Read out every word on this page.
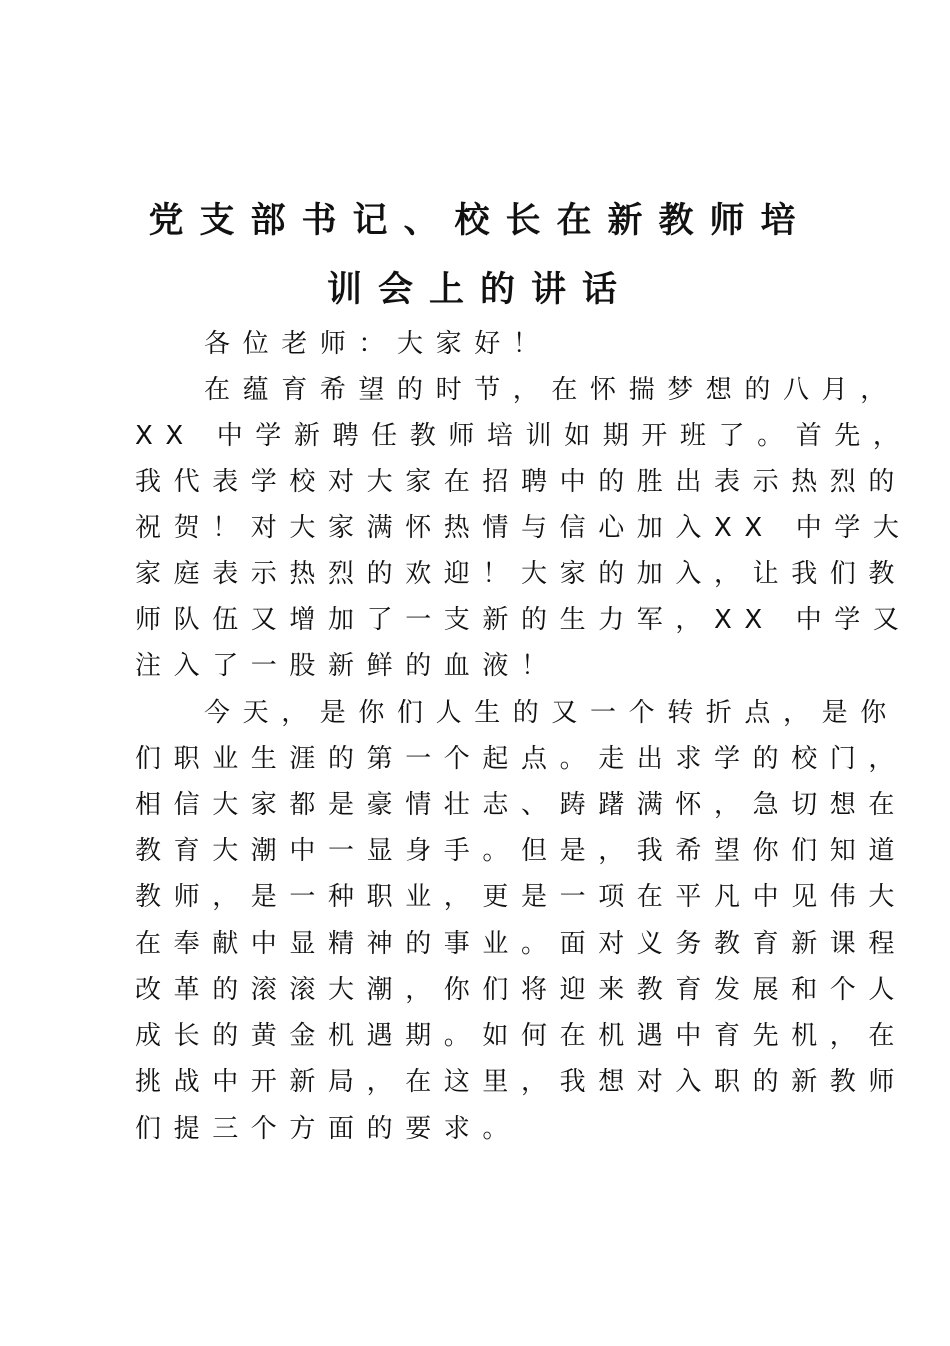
党支部书记、校长在新教师培
训会上的讲话
各位老师：大家好！
在蕴育希望的时节，在怀揣梦想的八月，
XX 中学新聘任教师培训如期开班了。首先，
我代表学校对大家在招聘中的胜出表示热烈的
祝贺！对大家满怀热情与信心加入XX 中学大
家庭表示热烈的欢迎！大家的加入，让我们教
师队伍又增加了一支新的生力军，XX 中学又
注入了一股新鲜的血液！
今天，是你们人生的又一个转折点，是你
们职业生涯的第一个起点。走出求学的校门，
相信大家都是豪情壮志、踌躇满怀，急切想在
教育大潮中一显身手。但是，我希望你们知道
教师，是一种职业，更是一项在平凡中见伟大
在奉献中显精神的事业。面对义务教育新课程
改革的滚滚大潮，你们将迎来教育发展和个人
成长的黄金机遇期。如何在机遇中育先机，在
挑战中开新局，在这里，我想对入职的新教师
们提三个方面的要求。
